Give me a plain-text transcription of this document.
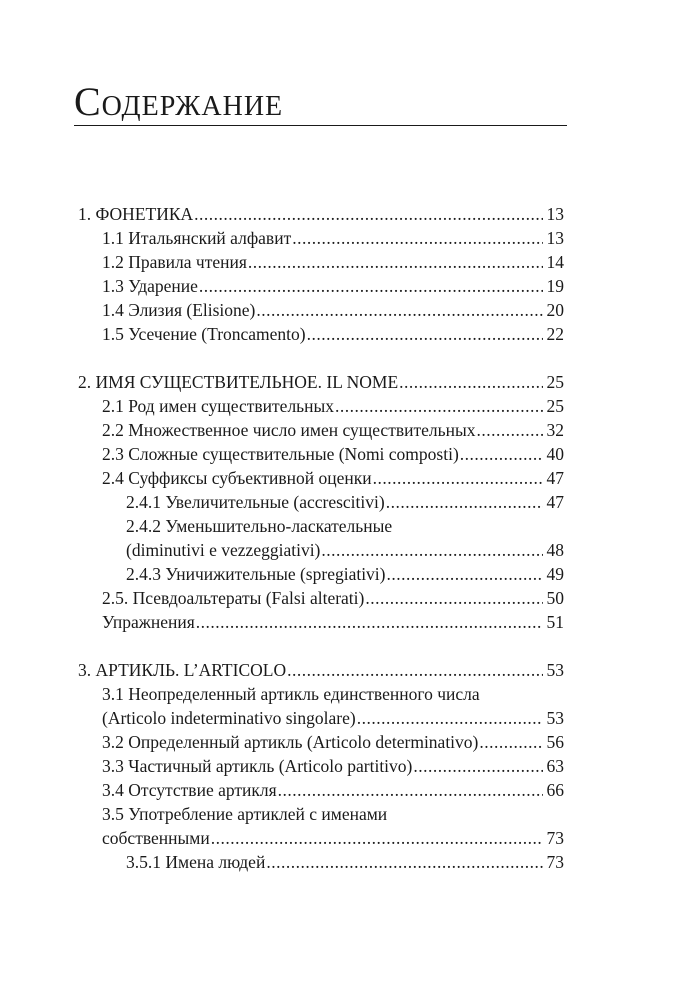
Содержание
1. ФОНЕТИКА .....	13
1.1 Итальянский алфавит .....	13
1.2 Правила чтения .....	14
1.3 Ударение .....	19
1.4 Элизия (Elisione) .....	20
1.5 Усечение (Troncamento) .....	22
2. ИМЯ СУЩЕСТВИТЕЛЬНОЕ. IL NOME .....	25
2.1 Род имен существительных .....	25
2.2 Множественное число имен существительных .....	32
2.3 Сложные существительные (Nomi composti) .....	40
2.4 Суффиксы субъективной оценки .....	47
2.4.1 Увеличительные (accrescitivi) .....	47
2.4.2 Уменьшительно-ласкательные
(diminutivi e vezzeggiativi) .....	48
2.4.3 Уничижительные (spregiativi) .....	49
2.5. Псевдоальтераты (Falsi alterati) .....	50
Упражнения .....	51
3. АРТИКЛЬ. L’ARTICOLO .....	53
3.1 Неопределенный артикль единственного числа
(Articolo indeterminativo singolare) .....	53
3.2 Определенный артикль (Articolo determinativo) .....	56
3.3 Частичный артикль (Articolo partitivo) .....	63
3.4 Отсутствие артикля .....	66
3.5 Употребление артиклей с именами
собственными .....	73
3.5.1 Имена людей .....	73
